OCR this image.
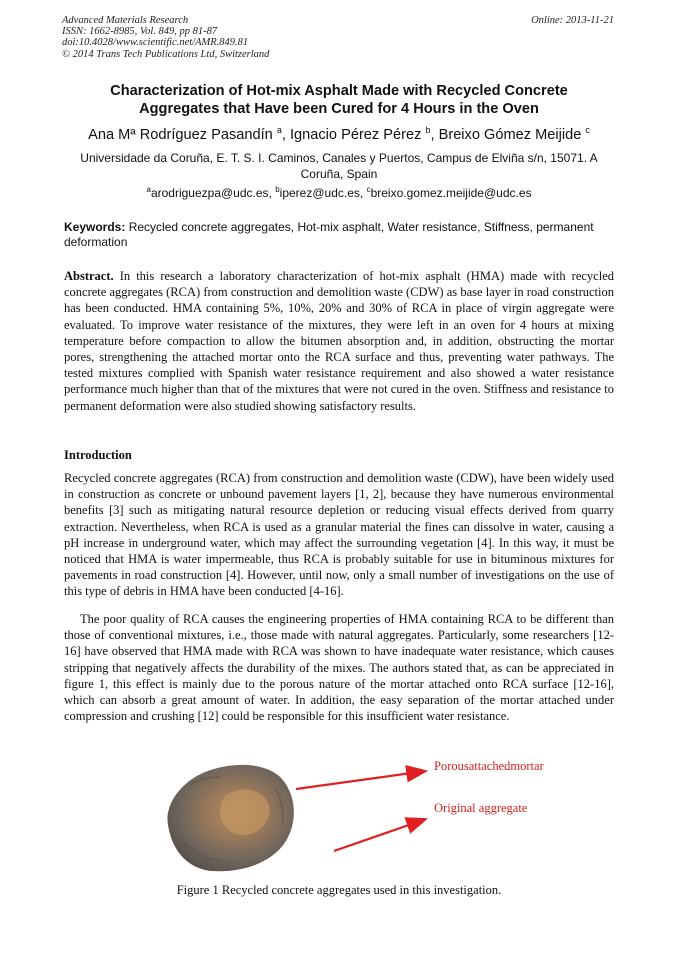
Advanced Materials Research
ISSN: 1662-8985, Vol. 849, pp 81-87
doi:10.4028/www.scientific.net/AMR.849.81
© 2014 Trans Tech Publications Ltd, Switzerland
Online: 2013-11-21
Characterization of Hot-mix Asphalt Made with Recycled Concrete
Aggregates that Have been Cured for 4 Hours in the Oven
Ana Mª Rodríguez Pasandín $^a$, Ignacio Pérez Pérez $^b$, Breixo Gómez Meijide $^c$
Universidade da Coruña, E. T. S. I. Caminos, Canales y Puertos, Campus de Elviña s/n, 15071. A Coruña, Spain
$^a$arodriguezpa@udc.es, $^b$iperez@udc.es, $^c$breixo.gomez.meijide@udc.es
Keywords: Recycled concrete aggregates, Hot-mix asphalt, Water resistance, Stiffness, permanent deformation
Abstract. In this research a laboratory characterization of hot-mix asphalt (HMA) made with recycled concrete aggregates (RCA) from construction and demolition waste (CDW) as base layer in road construction has been conducted. HMA containing 5%, 10%, 20% and 30% of RCA in place of virgin aggregate were evaluated. To improve water resistance of the mixtures, they were left in an oven for 4 hours at mixing temperature before compaction to allow the bitumen absorption and, in addition, obstructing the mortar pores, strengthening the attached mortar onto the RCA surface and thus, preventing water pathways. The tested mixtures complied with Spanish water resistance requirement and also showed a water resistance performance much higher than that of the mixtures that were not cured in the oven. Stiffness and resistance to permanent deformation were also studied showing satisfactory results.
Introduction
Recycled concrete aggregates (RCA) from construction and demolition waste (CDW), have been widely used in construction as concrete or unbound pavement layers [1, 2], because they have numerous environmental benefits [3] such as mitigating natural resource depletion or reducing visual effects derived from quarry extraction. Nevertheless, when RCA is used as a granular material the fines can dissolve in water, causing a pH increase in underground water, which may affect the surrounding vegetation [4]. In this way, it must be noticed that HMA is water impermeable, thus RCA is probably suitable for use in bituminous mixtures for pavements in road construction [4]. However, until now, only a small number of investigations on the use of this type of debris in HMA have been conducted [4-16].
The poor quality of RCA causes the engineering properties of HMA containing RCA to be different than those of conventional mixtures, i.e., those made with natural aggregates. Particularly, some researchers [12-16] have observed that HMA made with RCA was shown to have inadequate water resistance, which causes stripping that negatively affects the durability of the mixes. The authors stated that, as can be appreciated in figure 1, this effect is mainly due to the porous nature of the mortar attached onto RCA surface [12-16], which can absorb a great amount of water. In addition, the easy separation of the mortar attached under compression and crushing [12] could be responsible for this insufficient water resistance.
Porousattachedmortar
Original aggregate
Figure 1 Recycled concrete aggregates used in this investigation.
